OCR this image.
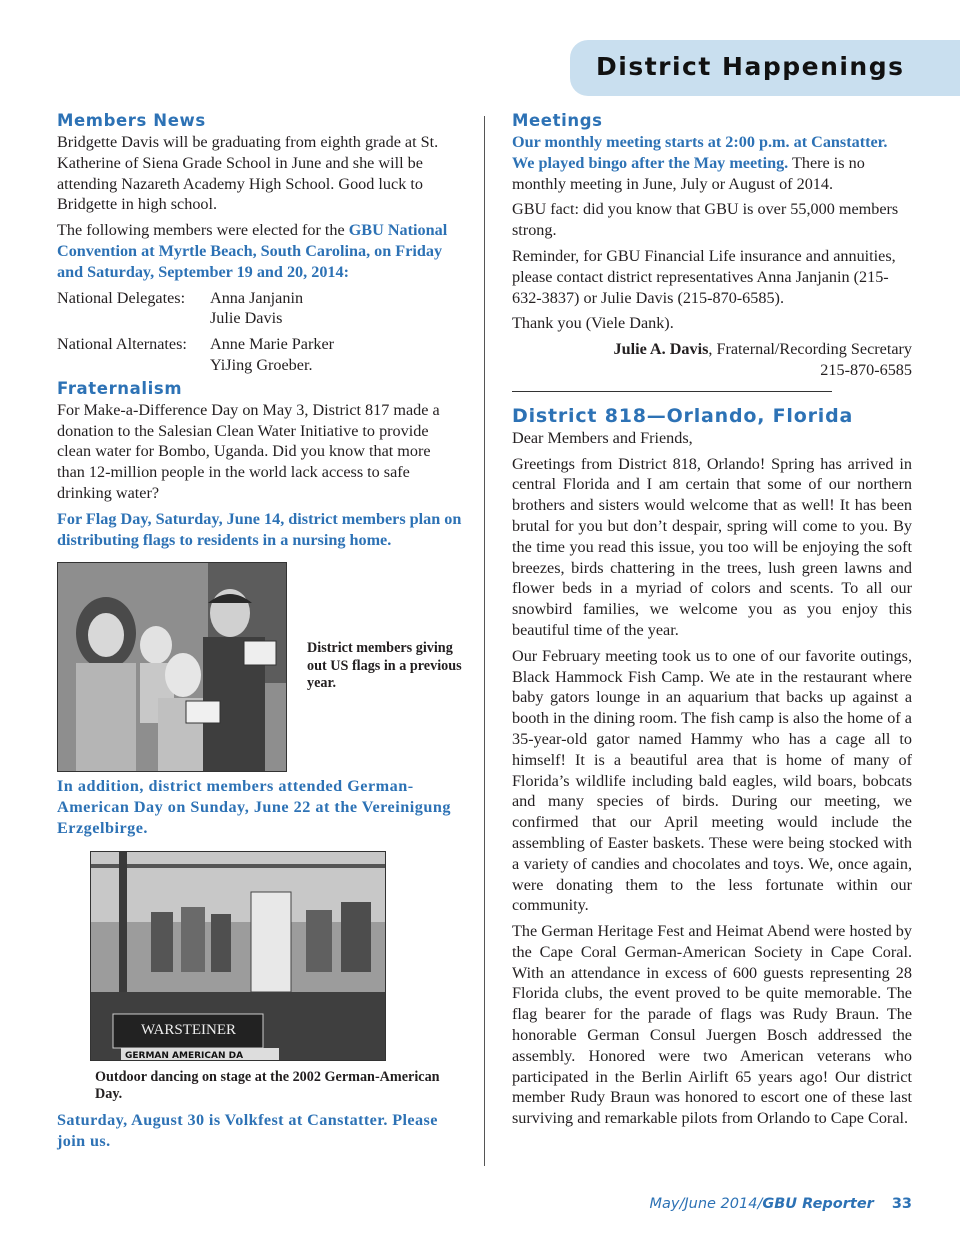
District Happenings
Members News

Bridgette Davis will be graduating from eighth grade at St. Katherine of Siena Grade School in June and she will be attending Nazareth Academy High School. Good luck to Bridgette in high school.

The following members were elected for the GBU National Convention at Myrtle Beach, South Carolina, on Friday and Saturday, September 19 and 20, 2014:

National Delegates:	Anna Janjanin
Julie Davis
National Alternates:	Anne Marie Parker
YiJing Groeber.
Fraternalism

For Make-a-Difference Day on May 3, District 817 made a donation to the Salesian Clean Water Initiative to provide clean water for Bombo, Uganda. Did you know that more than 12-million people in the world lack access to safe drinking water?

For Flag Day, Saturday, June 14, district members plan on distributing flags to residents in a nursing home.

District members giving out US flags in a previous year.

In addition, district members attended German-American Day on Sunday, June 22 at the Vereinigung Erzgelbirge.

WARSTEINER
GERMAN AMERICAN DA

Outdoor dancing on stage at the 2002 German-American Day.

Saturday, August 30 is Volkfest at Canstatter. Please join us.

Meetings

Our monthly meeting starts at 2:00 p.m. at Canstatter. We played bingo after the May meeting. There is no monthly meeting in June, July or August of 2014.

GBU fact: did you know that GBU is over 55,000 members strong.

Reminder, for GBU Financial Life insurance and annuities, please contact district representatives Anna Janjanin (215-632-3837) or Julie Davis (215-870-6585).

Thank you (Viele Dank).

Julie A. Davis, Fraternal/Recording Secretary

215-870-6585

District 818—Orlando, Florida

Dear Members and Friends,

Greetings from District 818, Orlando! Spring has arrived in central Florida and I am certain that some of our northern brothers and sisters would welcome that as well! It has been brutal for you but don’t despair, spring will come to you. By the time you read this issue, you too will be enjoying the soft breezes, birds chattering in the trees, lush green lawns and flower beds in a myriad of colors and scents. To all our snowbird families, we welcome you as you enjoy this beautiful time of the year.

Our February meeting took us to one of our favorite outings, Black Hammock Fish Camp. We ate in the restaurant where baby gators lounge in an aquarium that backs up against a booth in the dining room. The fish camp is also the home of a 35-year-old gator named Hammy who has a cage all to himself! It is a beautiful area that is home of many of Florida’s wildlife including bald eagles, wild boars, bobcats and many species of birds. During our meeting, we confirmed that our April meeting would include the assembling of Easter baskets. These were being stocked with a variety of candies and chocolates and toys. We, once again, were donating them to the less fortunate within our community.

The German Heritage Fest and Heimat Abend were hosted by the Cape Coral German-American Society in Cape Coral. With an attendance in excess of 600 guests representing 28 Florida clubs, the event proved to be quite memorable. The flag bearer for the parade of flags was Rudy Braun. The honorable German Consul Juergen Bosch addressed the assembly. Honored were two American veterans who participated in the Berlin Airlift 65 years ago! Our district member Rudy Braun was honored to escort one of these last surviving and remarkable pilots from Orlando to Cape Coral.

May/June 2014/GBU Reporter 33
